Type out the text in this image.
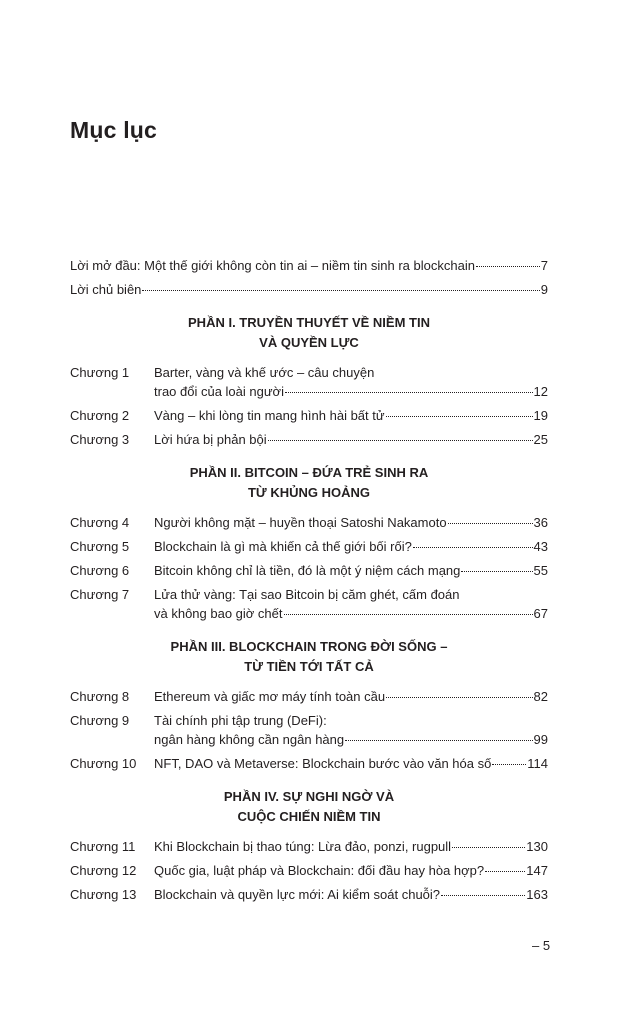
Mục lục
Lời mở đầu: Một thế giới không còn tin ai – niềm tin sinh ra blockchain	7
Lời chủ biên	9
PHẦN I. TRUYỀN THUYẾT VỀ NIỀM TIN
VÀ QUYỀN LỰC
Chương 1	Barter, vàng và khế ước – câu chuyện
trao đổi của loài người	12
Chương 2	Vàng – khi lòng tin mang hình hài bất tử	19
Chương 3	Lời hứa bị phản bội	25
PHẦN II. BITCOIN – ĐỨA TRẺ SINH RA
TỪ KHỦNG HOẢNG
Chương 4	Người không mặt – huyền thoại Satoshi Nakamoto	36
Chương 5	Blockchain là gì mà khiến cả thế giới bối rối?	43
Chương 6	Bitcoin không chỉ là tiền, đó là một ý niệm cách mạng	55
Chương 7	Lửa thử vàng: Tại sao Bitcoin bị căm ghét, cấm đoán
và không bao giờ chết	67
PHẦN III. BLOCKCHAIN TRONG ĐỜI SỐNG –
TỪ TIỀN TỚI TẤT CẢ
Chương 8	Ethereum và giấc mơ máy tính toàn cầu	82
Chương 9	Tài chính phi tập trung (DeFi):
ngân hàng không cần ngân hàng	99
Chương 10	NFT, DAO và Metaverse: Blockchain bước vào văn hóa số	114
PHẦN IV. SỰ NGHI NGỜ VÀ
CUỘC CHIẾN NIỀM TIN
Chương 11	Khi Blockchain bị thao túng: Lừa đảo, ponzi, rugpull	130
Chương 12	Quốc gia, luật pháp và Blockchain: đối đầu hay hòa hợp?	147
Chương 13	Blockchain và quyền lực mới: Ai kiểm soát chuỗi?	163
– 5
